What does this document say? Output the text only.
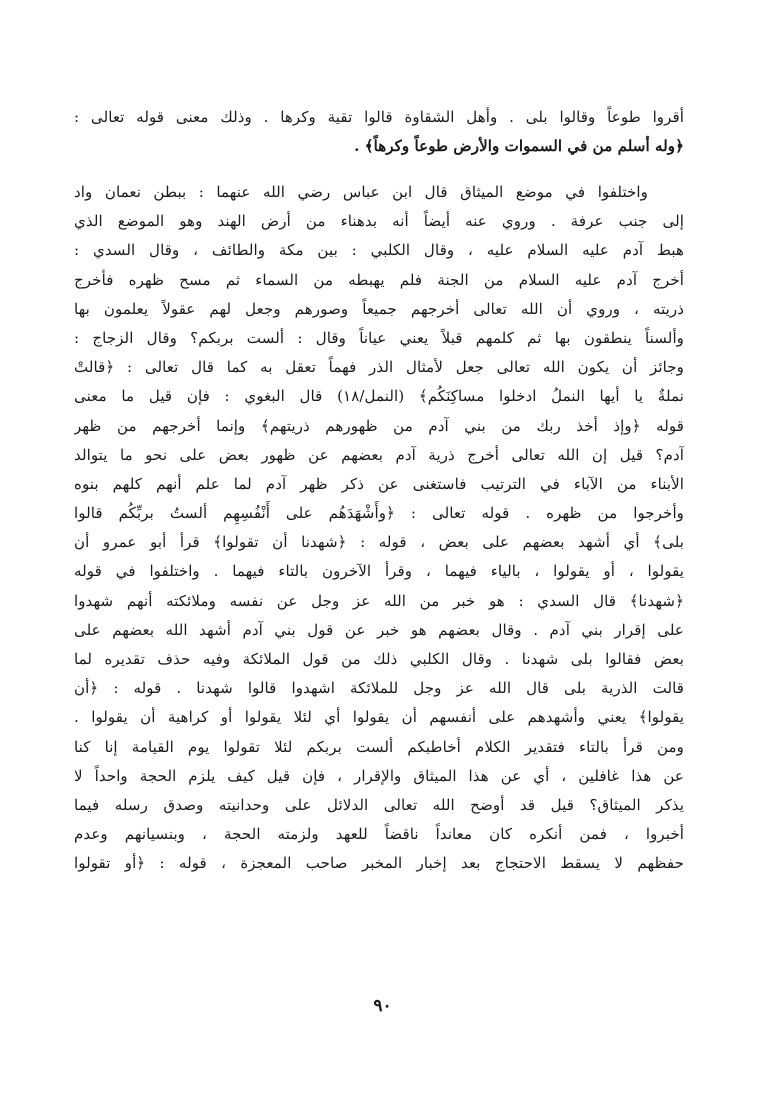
أقروا طوعاً وقالوا بلى . وأهل الشقاوة قالوا تقية وكرها . وذلك معنى قوله تعالى :
﴿وله أسلم من في السموات والأرض طوعاً وكرهاً﴾ .
واختلفوا في موضع الميثاق قال ابن عباس رضي الله عنهما : ببطن نعمان واد
إلى جنب عرفة . وروي عنه أيضاً أنه بدهناء من أرض الهند وهو الموضع الذي
هبط آدم عليه السلام عليه ، وقال الكلبي : بين مكة والطائف ، وقال السدي :
أخرج آدم عليه السلام من الجنة فلم يهبطه من السماء ثم مسح ظهره فأخرج
ذريته ، وروي أن الله تعالى أخرجهم جميعاً وصورهم وجعل لهم عقولاً يعلمون بها
وألسناً ينطقون بها ثم كلمهم قبلاً يعني عياناً وقال : ألست بربكم؟ وقال الزجاج :
وجائز أن يكون الله تعالى جعل لأمثال الذر فهماً تعقل به كما قال تعالى : ﴿قالتْ
نملةٌ يا أيها النملُ ادخلوا مساكِنَكُم﴾ (النمل/١٨) قال البغوي : فإن قيل ما معنى
قوله ﴿وإذ أخذ ربك من بني آدم من ظهورهم ذريتهم﴾ وإنما أخرجهم من ظهر
آدم؟ قيل إن الله تعالى أخرج ذرية آدم بعضهم عن ظهور بعض على نحو ما يتوالد
الأبناء من الآباء في الترتيب فاستغنى عن ذكر ظهر آدم لما علم أنهم كلهم بنوه
وأخرجوا من ظهره . قوله تعالى : ﴿وأَشْهَدَهُم على أَنْفُسِهِم ألستُ بربِّكُم قالوا
بلى﴾ أي أشهد بعضهم على بعض ، قوله : ﴿شهدنا أن تقولوا﴾ قرأ أبو عمرو أن
يقولوا ، أو يقولوا ، بالياء فيهما ، وقرأ الآخرون بالتاء فيهما . واختلفوا في قوله
﴿شهدنا﴾ قال السدي : هو خبر من الله عز وجل عن نفسه وملائكته أنهم شهدوا
على إقرار بني آدم . وقال بعضهم هو خبر عن قول بني آدم أشهد الله بعضهم على
بعض فقالوا بلى شهدنا . وقال الكلبي ذلك من قول الملائكة وفيه حذف تقديره لما
قالت الذرية بلى قال الله عز وجل للملائكة اشهدوا قالوا شهدنا . قوله : ﴿أن
يقولوا﴾ يعني وأشهدهم على أنفسهم أن يقولوا أي لئلا يقولوا أو كراهية أن يقولوا .
ومن قرأ بالتاء فتقدير الكلام أخاطبكم ألست بربكم لئلا تقولوا يوم القيامة إنا كنا
عن هذا غافلين ، أي عن هذا الميثاق والإقرار ، فإن قيل كيف يلزم الحجة واحداً لا
يذكر الميثاق؟ قيل قد أوضح الله تعالى الدلائل على وحدانيته وصدق رسله فيما
أخبروا ، فمن أنكره كان معانداً ناقضاً للعهد ولزمته الحجة ، وبنسيانهم وعدم
حفظهم لا يسقط الاحتجاج بعد إخبار المخبر صاحب المعجزة ، قوله : ﴿أو تقولوا
٩٠
